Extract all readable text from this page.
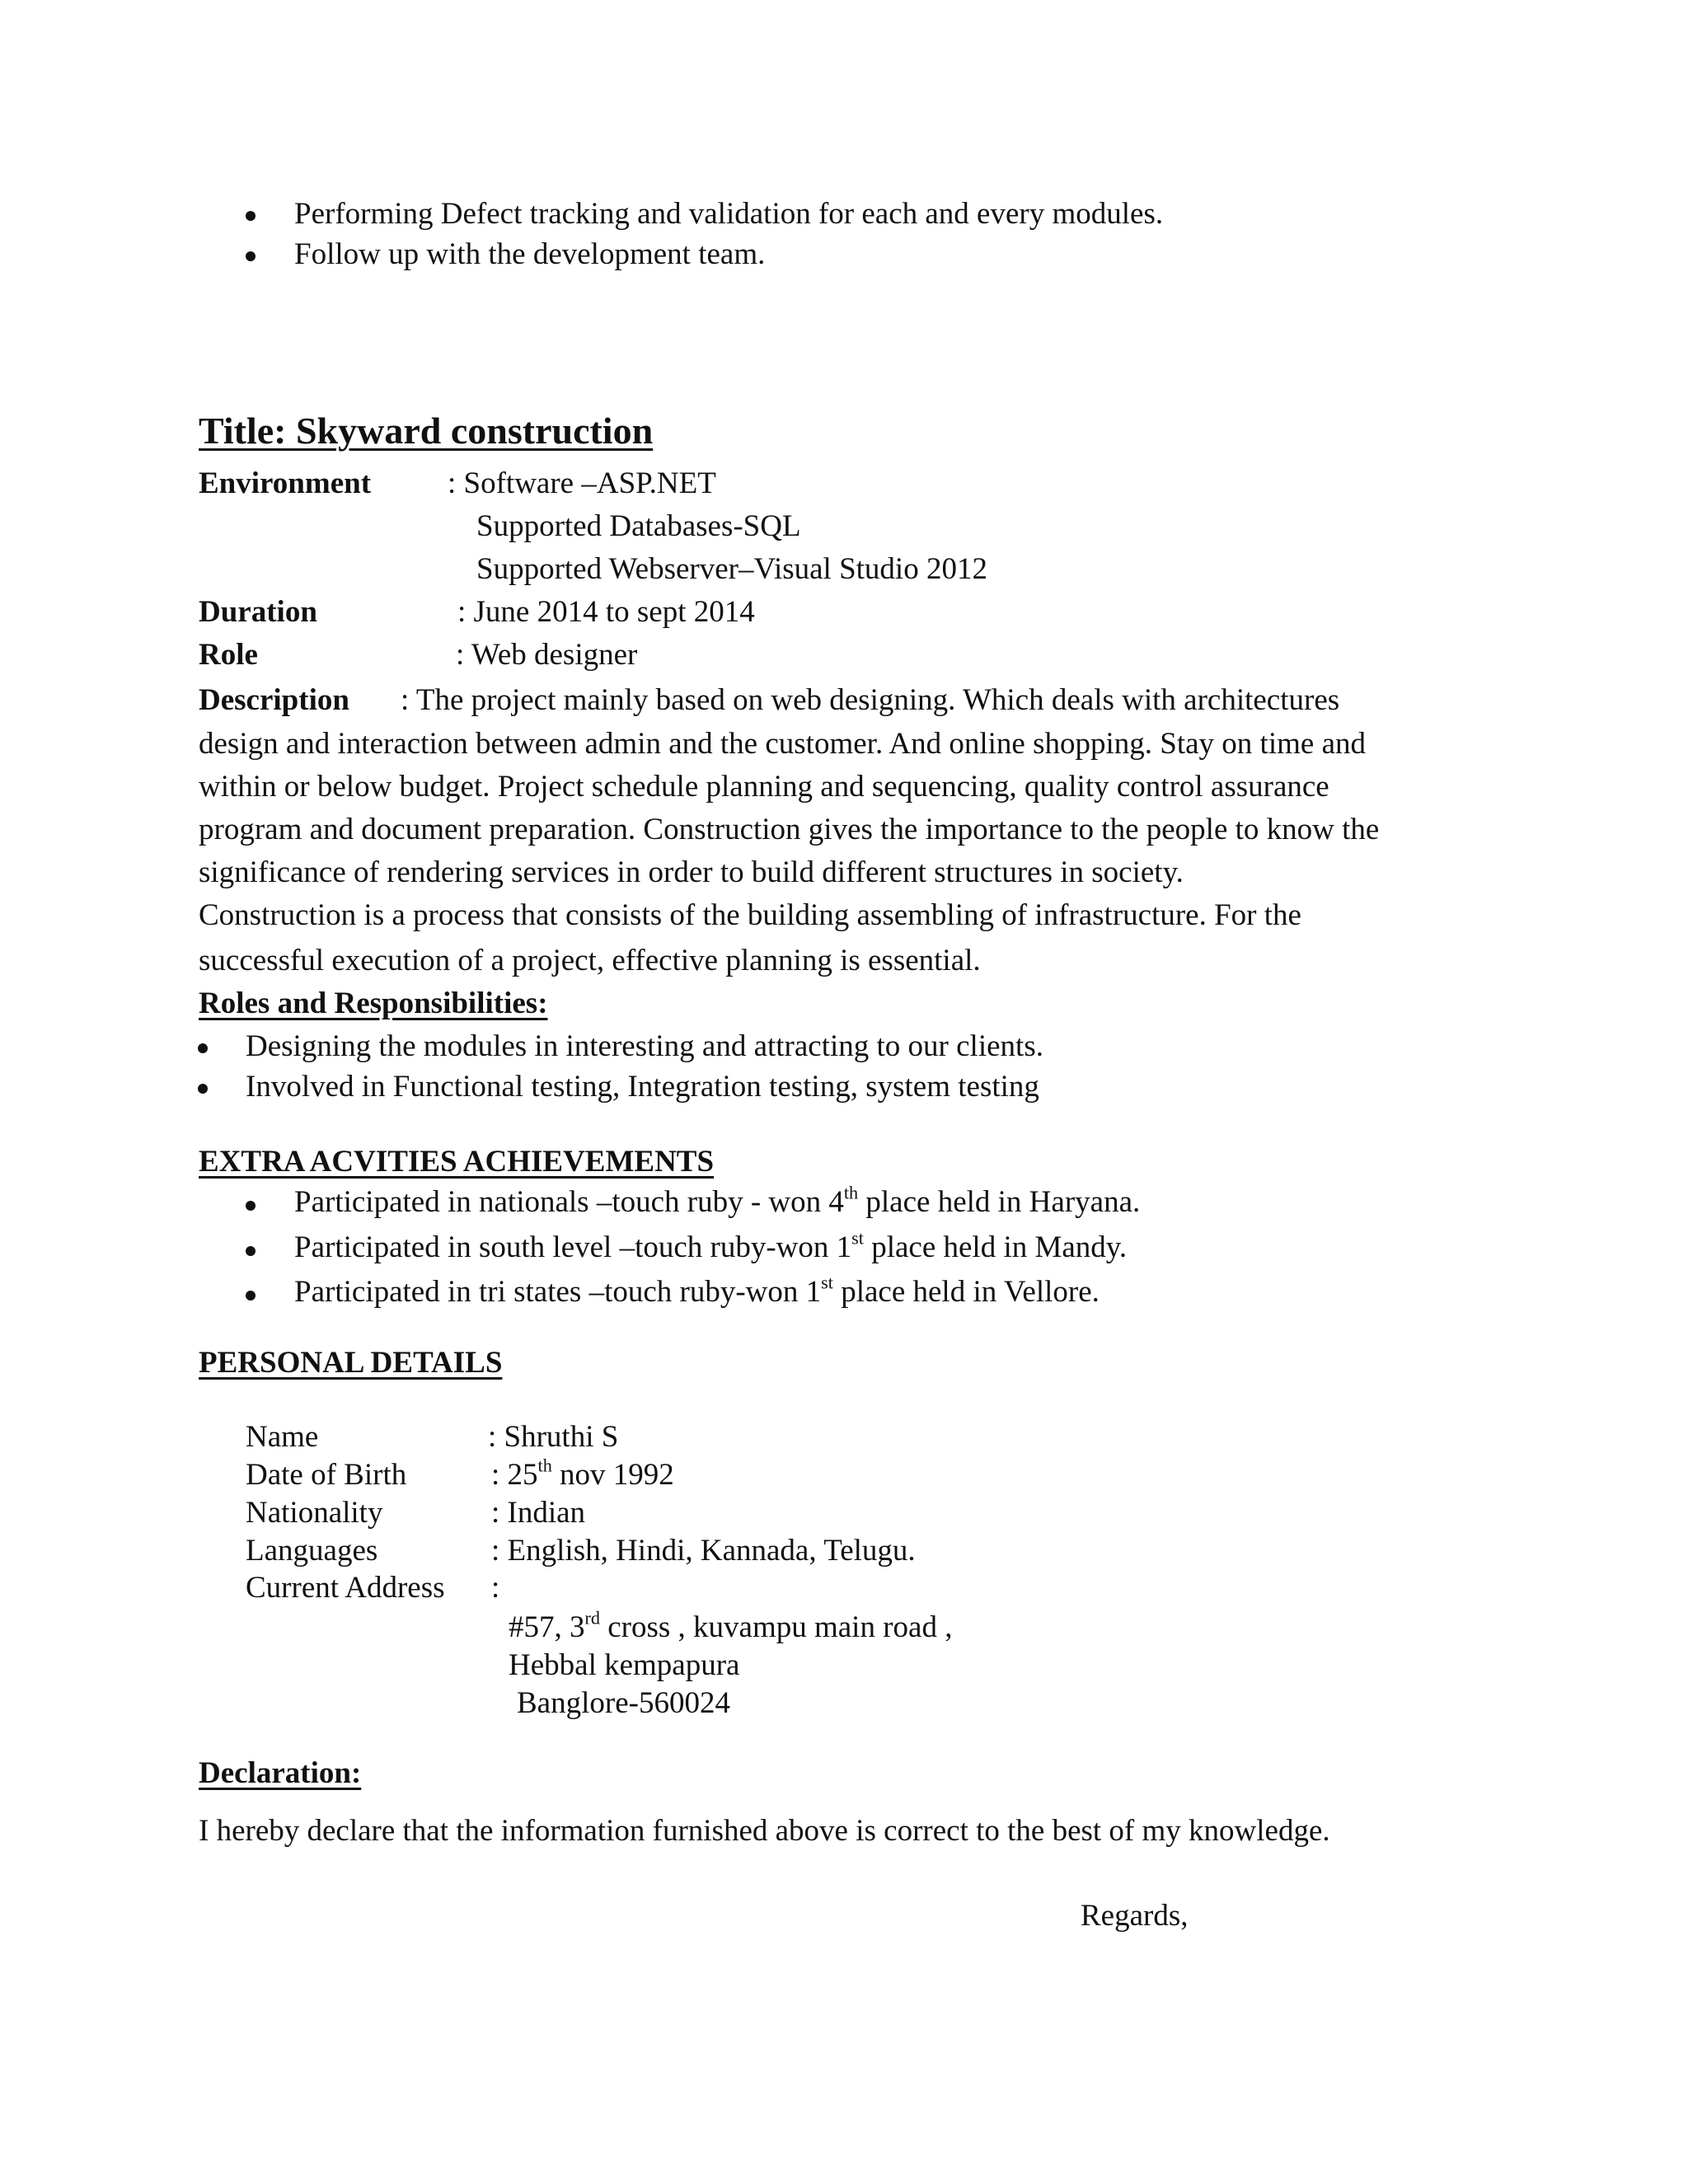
Performing Defect tracking and validation for each and every modules.
Follow up with the development team.
Title: Skyward construction
Environment	: Software –ASP.NET
Supported Databases-SQL
Supported Webserver–Visual Studio 2012
Duration	: June 2014 to sept 2014
Role	: Web designer
Description : The project mainly based on web designing. Which deals with architectures
design and interaction between admin and the customer. And online shopping. Stay on time and
within or below budget. Project schedule planning and sequencing, quality control assurance
program and document preparation. Construction gives the importance to the people to know the
significance of rendering services in order to build different structures in society.
Construction is a process that consists of the building assembling of infrastructure. For the
successful execution of a project, effective planning is essential.
Roles and Responsibilities:
Designing the modules in interesting and attracting to our clients.
Involved in Functional testing, Integration testing, system testing
EXTRA ACVITIES ACHIEVEMENTS
Participated in nationals –touch ruby - won 4th place held in Haryana.
Participated in south level –touch ruby-won 1st place held in Mandy.
Participated in tri states –touch ruby-won 1st place held in Vellore.
PERSONAL DETAILS
Name	: Shruthi S
Date of Birth	: 25th nov 1992
Nationality	: Indian
Languages	: English, Hindi, Kannada, Telugu.
Current Address :
#57, 3rd cross , kuvampu main road ,
Hebbal kempapura
Banglore-560024
Declaration:
I hereby declare that the information furnished above is correct to the best of my knowledge.
Regards,
